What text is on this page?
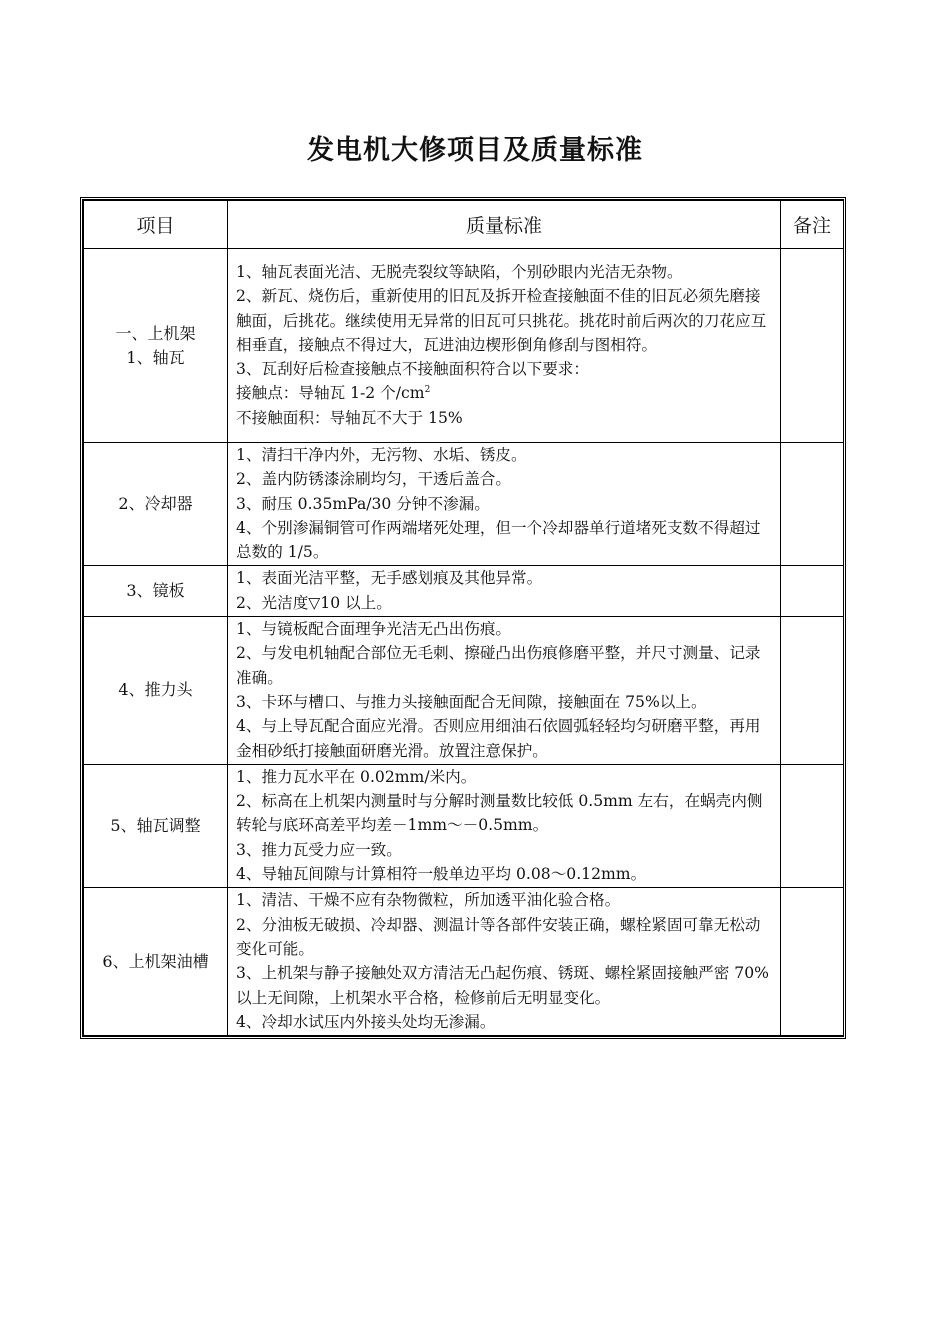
发电机大修项目及质量标准
项目	质量标准	备注

一、上机架
1、轴瓦	1、轴瓦表面光洁、无脱壳裂纹等缺陷，个别砂眼内光洁无杂物。
2、新瓦、烧伤后，重新使用的旧瓦及拆开检查接触面不佳的旧瓦必须先磨接触面，后挑花。继续使用无异常的旧瓦可只挑花。挑花时前后两次的刀花应互相垂直，接触点不得过大，瓦进油边楔形倒角修刮与图相符。
3、瓦刮好后检查接触点不接触面积符合以下要求：
接触点：导轴瓦 1-2 个$/cm^2$
不接触面积：导轴瓦不大于 15%	

2、冷却器	1、清扫干净内外，无污物、水垢、锈皮。
2、盖内防锈漆涂刷均匀，干透后盖合。
3、耐压 0.35mPa/30 分钟不渗漏。
4、个别渗漏铜管可作两端堵死处理，但一个冷却器单行道堵死支数不得超过总数的 1/5。	

3、镜板	1、表面光洁平整，无手感划痕及其他异常。
2、光洁度▽10 以上。	

4、推力头	1、与镜板配合面理争光洁无凸出伤痕。
2、与发电机轴配合部位无毛刺、擦碰凸出伤痕修磨平整，并尺寸测量、记录准确。
3、卡环与槽口、与推力头接触面配合无间隙，接触面在 75%以上。
4、与上导瓦配合面应光滑。否则应用细油石依圆弧轻轻均匀研磨平整，再用金相砂纸打接触面研磨光滑。放置注意保护。	

5、轴瓦调整	1、推力瓦水平在 0.02mm/米内。
2、标高在上机架内测量时与分解时测量数比较低 0.5mm 左右，在蜗壳内侧转轮与底环高差平均差－1mm～－0.5mm。
3、推力瓦受力应一致。
4、导轴瓦间隙与计算相符一般单边平均 0.08～0.12mm。	

6、上机架油槽	1、清洁、干燥不应有杂物微粒，所加透平油化验合格。
2、分油板无破损、冷却器、测温计等各部件安装正确，螺栓紧固可靠无松动变化可能。
3、上机架与静子接触处双方清洁无凸起伤痕、锈斑、螺栓紧固接触严密 70%以上无间隙，上机架水平合格，检修前后无明显变化。
4、冷却水试压内外接头处均无渗漏。	
